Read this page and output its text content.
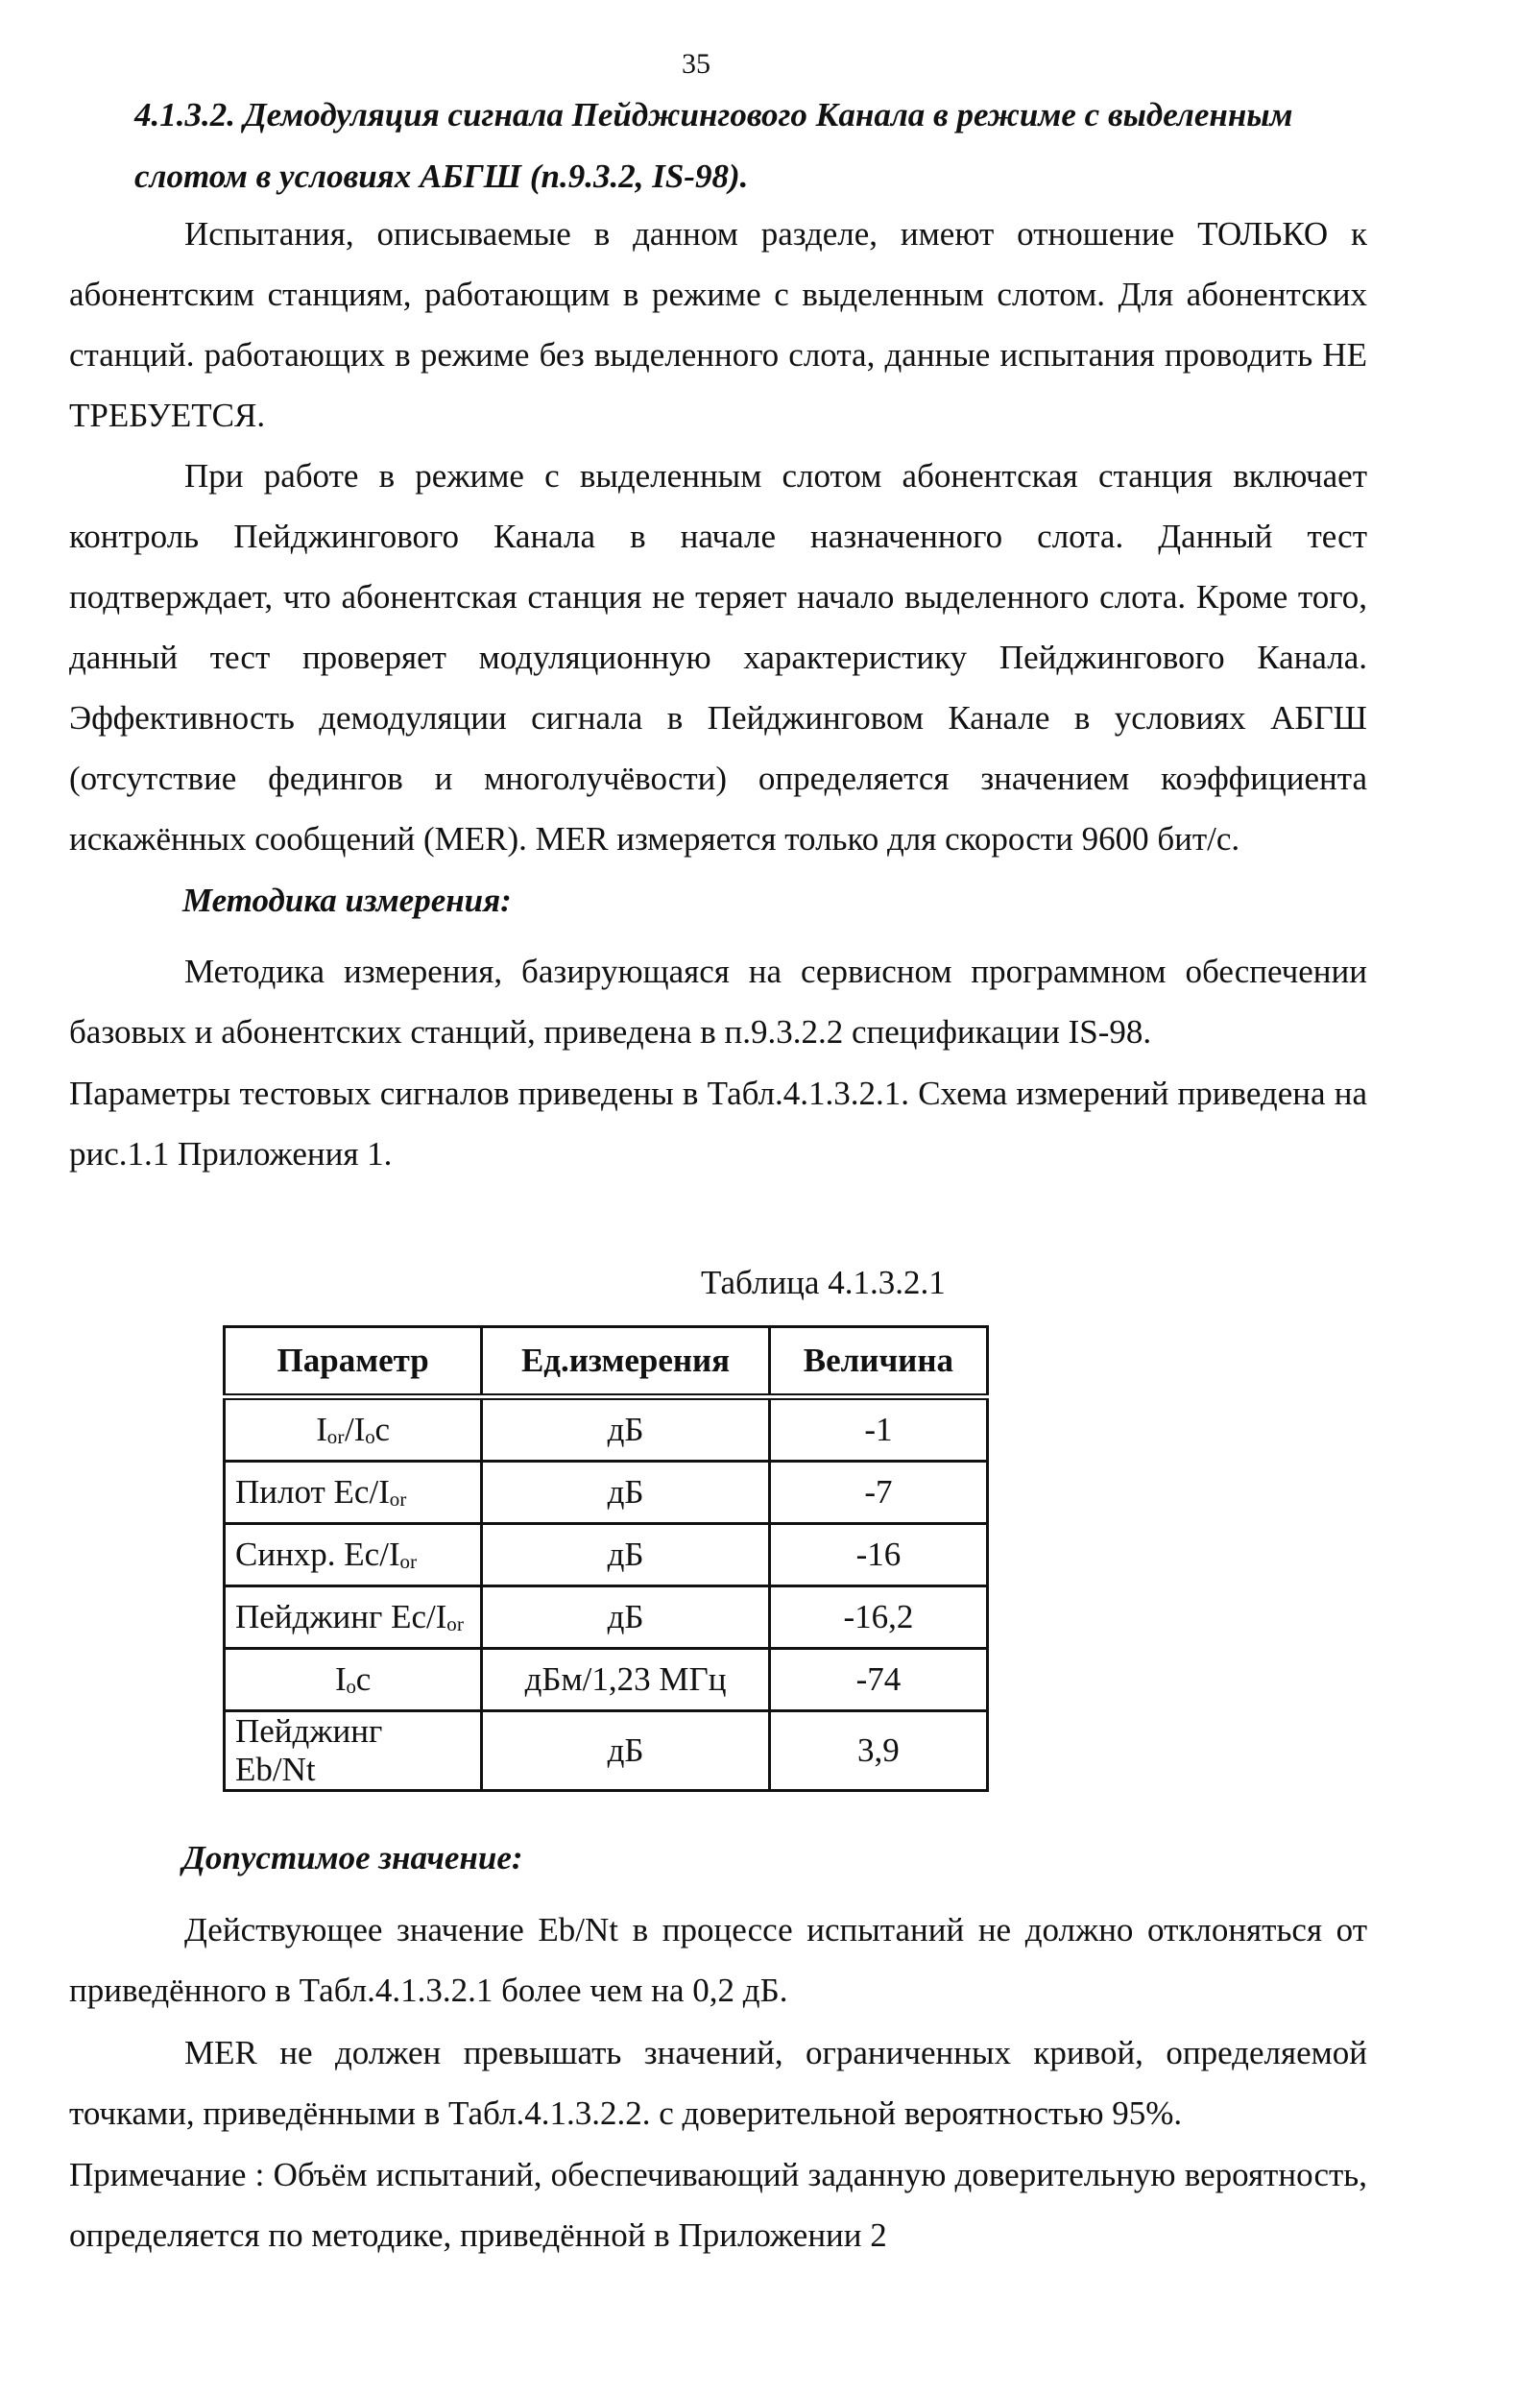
35
4.1.3.2. Демодуляция сигнала Пейджингового Канала в режиме с выделенным слотом в условиях АБГШ (п.9.3.2, IS-98).
Испытания, описываемые в данном разделе, имеют отношение ТОЛЬКО к абонентским станциям, работающим в режиме с выделенным слотом. Для абонентских станций. работающих в режиме без выделенного слота, данные испытания проводить НЕ ТРЕБУЕТСЯ.
При работе в режиме с выделенным слотом абонентская станция включает контроль Пейджингового Канала в начале назначенного слота. Данный тест подтверждает, что абонентская станция не теряет начало выделенного слота. Кроме того, данный тест проверяет модуляционную характеристику Пейджингового Канала. Эффективность демодуляции сигнала в Пейджинговом Канале в условиях АБГШ (отсутствие федингов и многолучёвости) определяется значением коэффициента искажённых сообщений (MER). MER измеряется только для скорости 9600 бит/с.
Методика измерения:
Методика измерения, базирующаяся на сервисном программном обеспечении базовых и абонентских станций, приведена в п.9.3.2.2 спецификации IS-98.
Параметры тестовых сигналов приведены в Табл.4.1.3.2.1. Схема измерений приведена на рис.1.1 Приложения 1.
Таблица 4.1.3.2.1
Параметр	Ед.измерения	Величина
Iₒᵣ/Iₒc	дБ	-1
Пилот Ec/Iₒᵣ	дБ	-7
Синхр. Ec/Iₒᵣ	дБ	-16
Пейджинг Ec/Iₒᵣ	дБ	-16,2
Iₒc	дБм/1,23 МГц	-74
Пейджинг Eb/Nt	дБ	3,9
Допустимое значение:
Действующее значение Eb/Nt в процессе испытаний не должно отклоняться от приведённого в Табл.4.1.3.2.1 более чем на 0,2 дБ.
MER не должен превышать значений, ограниченных кривой, определяемой точками, приведёнными в Табл.4.1.3.2.2. с доверительной вероятностью 95%.
Примечание : Объём испытаний, обеспечивающий заданную доверительную вероятность, определяется по методике, приведённой в Приложении 2
